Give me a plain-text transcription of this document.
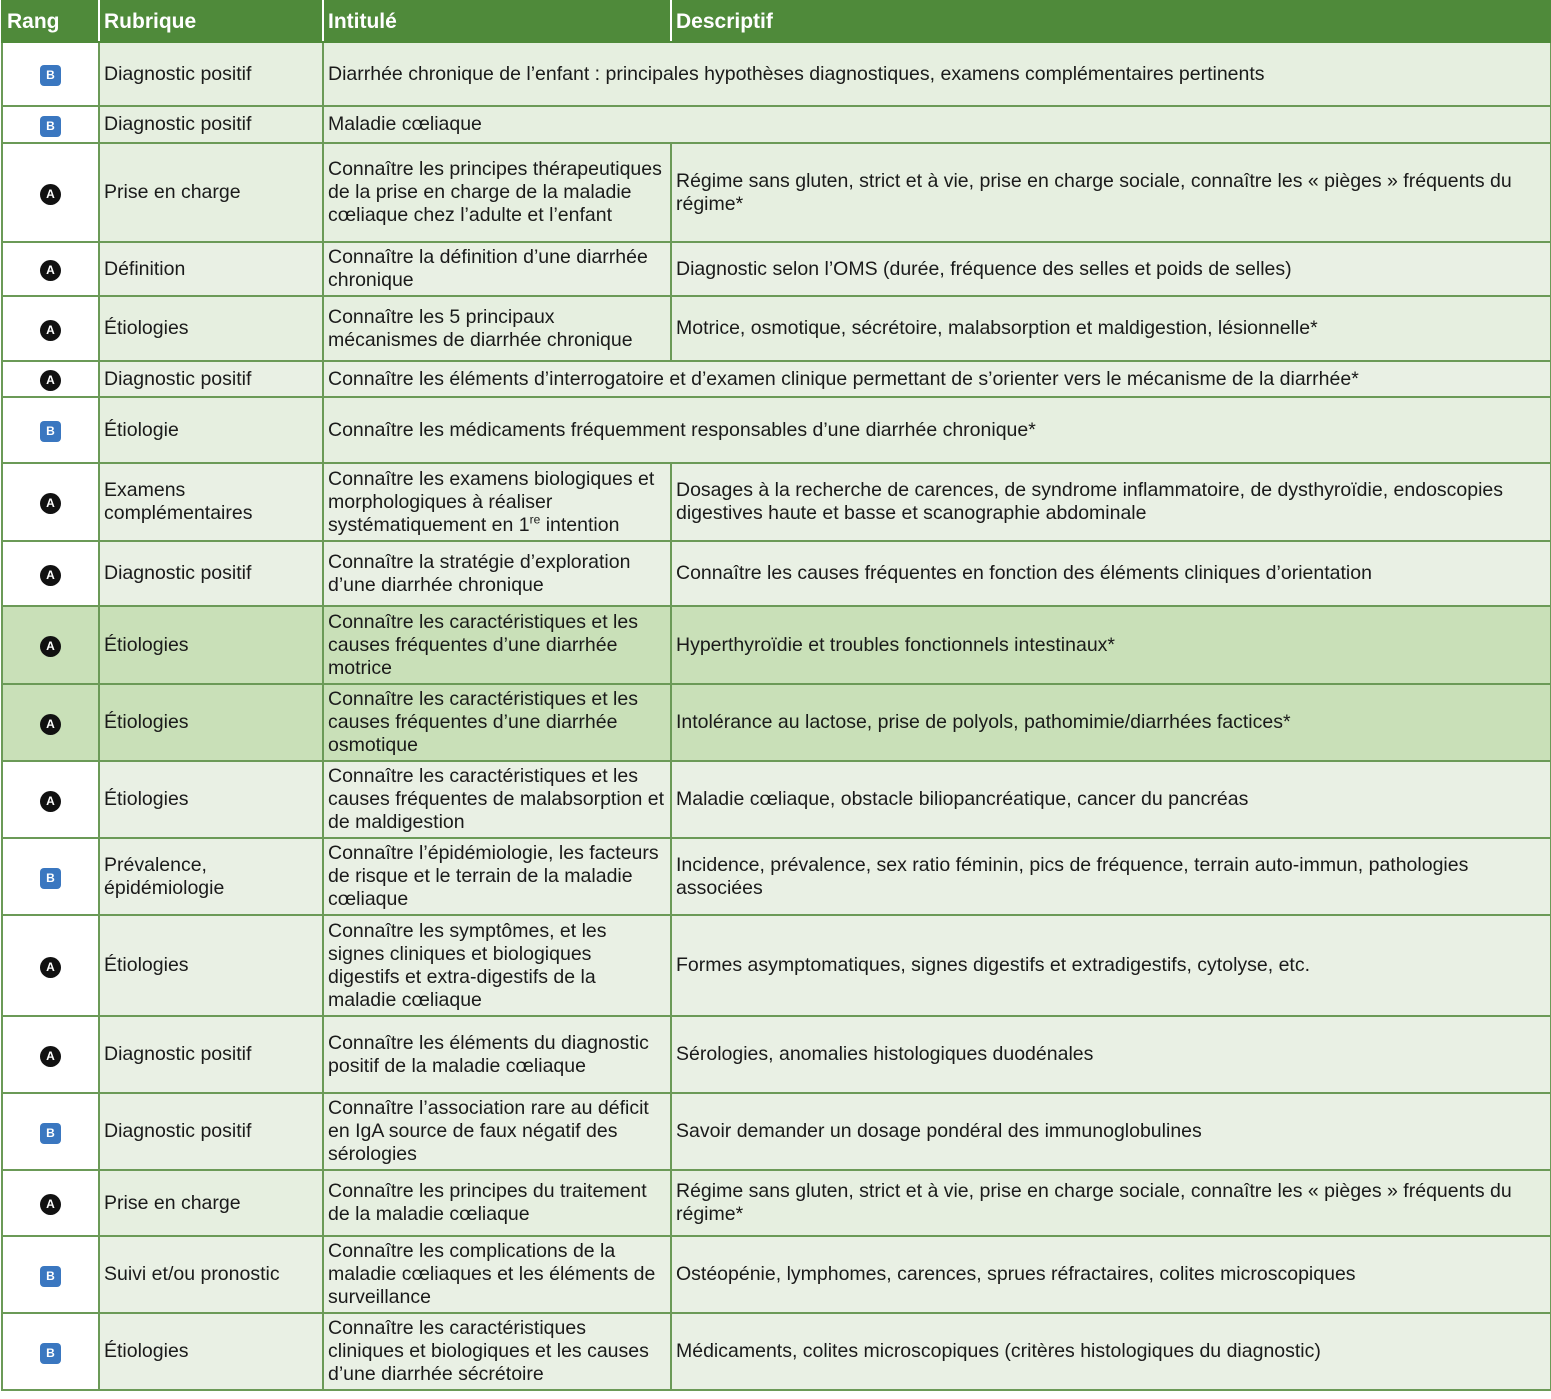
Rang	Rubrique	Intitulé	Descriptif
B	Diagnostic positif	Diarrhée chronique de l’enfant : principales hypothèses diagnostiques, examens complémentaires pertinents	
B	Diagnostic positif	Maladie cœliaque	
A	Prise en charge	Connaître les principes thérapeutiques de la prise en charge de la maladie cœliaque chez l’adulte et l’enfant	Régime sans gluten, strict et à vie, prise en charge sociale, connaître les « pièges » fréquents du régime*
A	Définition	Connaître la définition d’une diarrhée chronique	Diagnostic selon l’OMS (durée, fréquence des selles et poids de selles)
A	Étiologies	Connaître les 5 principaux mécanismes de diarrhée chronique	Motrice, osmotique, sécrétoire, malabsorption et maldigestion, lésionnelle*
A	Diagnostic positif	Connaître les éléments d’interrogatoire et d’examen clinique permettant de s’orienter vers le mécanisme de la diarrhée*	
B	Étiologie	Connaître les médicaments fréquemment responsables d’une diarrhée chronique*	
A	Examens complémentaires	Connaître les examens biologiques et morphologiques à réaliser systématiquement en 1re intention	Dosages à la recherche de carences, de syndrome inflammatoire, de dysthyroïdie, endoscopies digestives haute et basse et scanographie abdominale
A	Diagnostic positif	Connaître la stratégie d’exploration d’une diarrhée chronique	Connaître les causes fréquentes en fonction des éléments cliniques d’orientation
A	Étiologies	Connaître les caractéristiques et les causes fréquentes d’une diarrhée motrice	Hyperthyroïdie et troubles fonctionnels intestinaux*
A	Étiologies	Connaître les caractéristiques et les causes fréquentes d’une diarrhée osmotique	Intolérance au lactose, prise de polyols, pathomimie/diarrhées factices*
A	Étiologies	Connaître les caractéristiques et les causes fréquentes de malabsorption et de maldigestion	Maladie cœliaque, obstacle biliopancréatique, cancer du pancréas
B	Prévalence, épidémiologie	Connaître l’épidémiologie, les facteurs de risque et le terrain de la maladie cœliaque	Incidence, prévalence, sex ratio féminin, pics de fréquence, terrain auto-immun, pathologies associées
A	Étiologies	Connaître les symptômes, et les signes cliniques et biologiques digestifs et extra-digestifs de la maladie cœliaque	Formes asymptomatiques, signes digestifs et extradigestifs, cytolyse, etc.
A	Diagnostic positif	Connaître les éléments du diagnostic positif de la maladie cœliaque	Sérologies, anomalies histologiques duodénales
B	Diagnostic positif	Connaître l’association rare au déficit en IgA source de faux négatif des sérologies	Savoir demander un dosage pondéral des immunoglobulines
A	Prise en charge	Connaître les principes du traitement de la maladie cœliaque	Régime sans gluten, strict et à vie, prise en charge sociale, connaître les « pièges » fréquents du régime*
B	Suivi et/ou pronostic	Connaître les complications de la maladie cœliaques et les éléments de surveillance	Ostéopénie, lymphomes, carences, sprues réfractaires, colites microscopiques
B	Étiologies	Connaître les caractéristiques cliniques et biologiques et les causes d’une diarrhée sécrétoire	Médicaments, colites microscopiques (critères histologiques du diagnostic)
